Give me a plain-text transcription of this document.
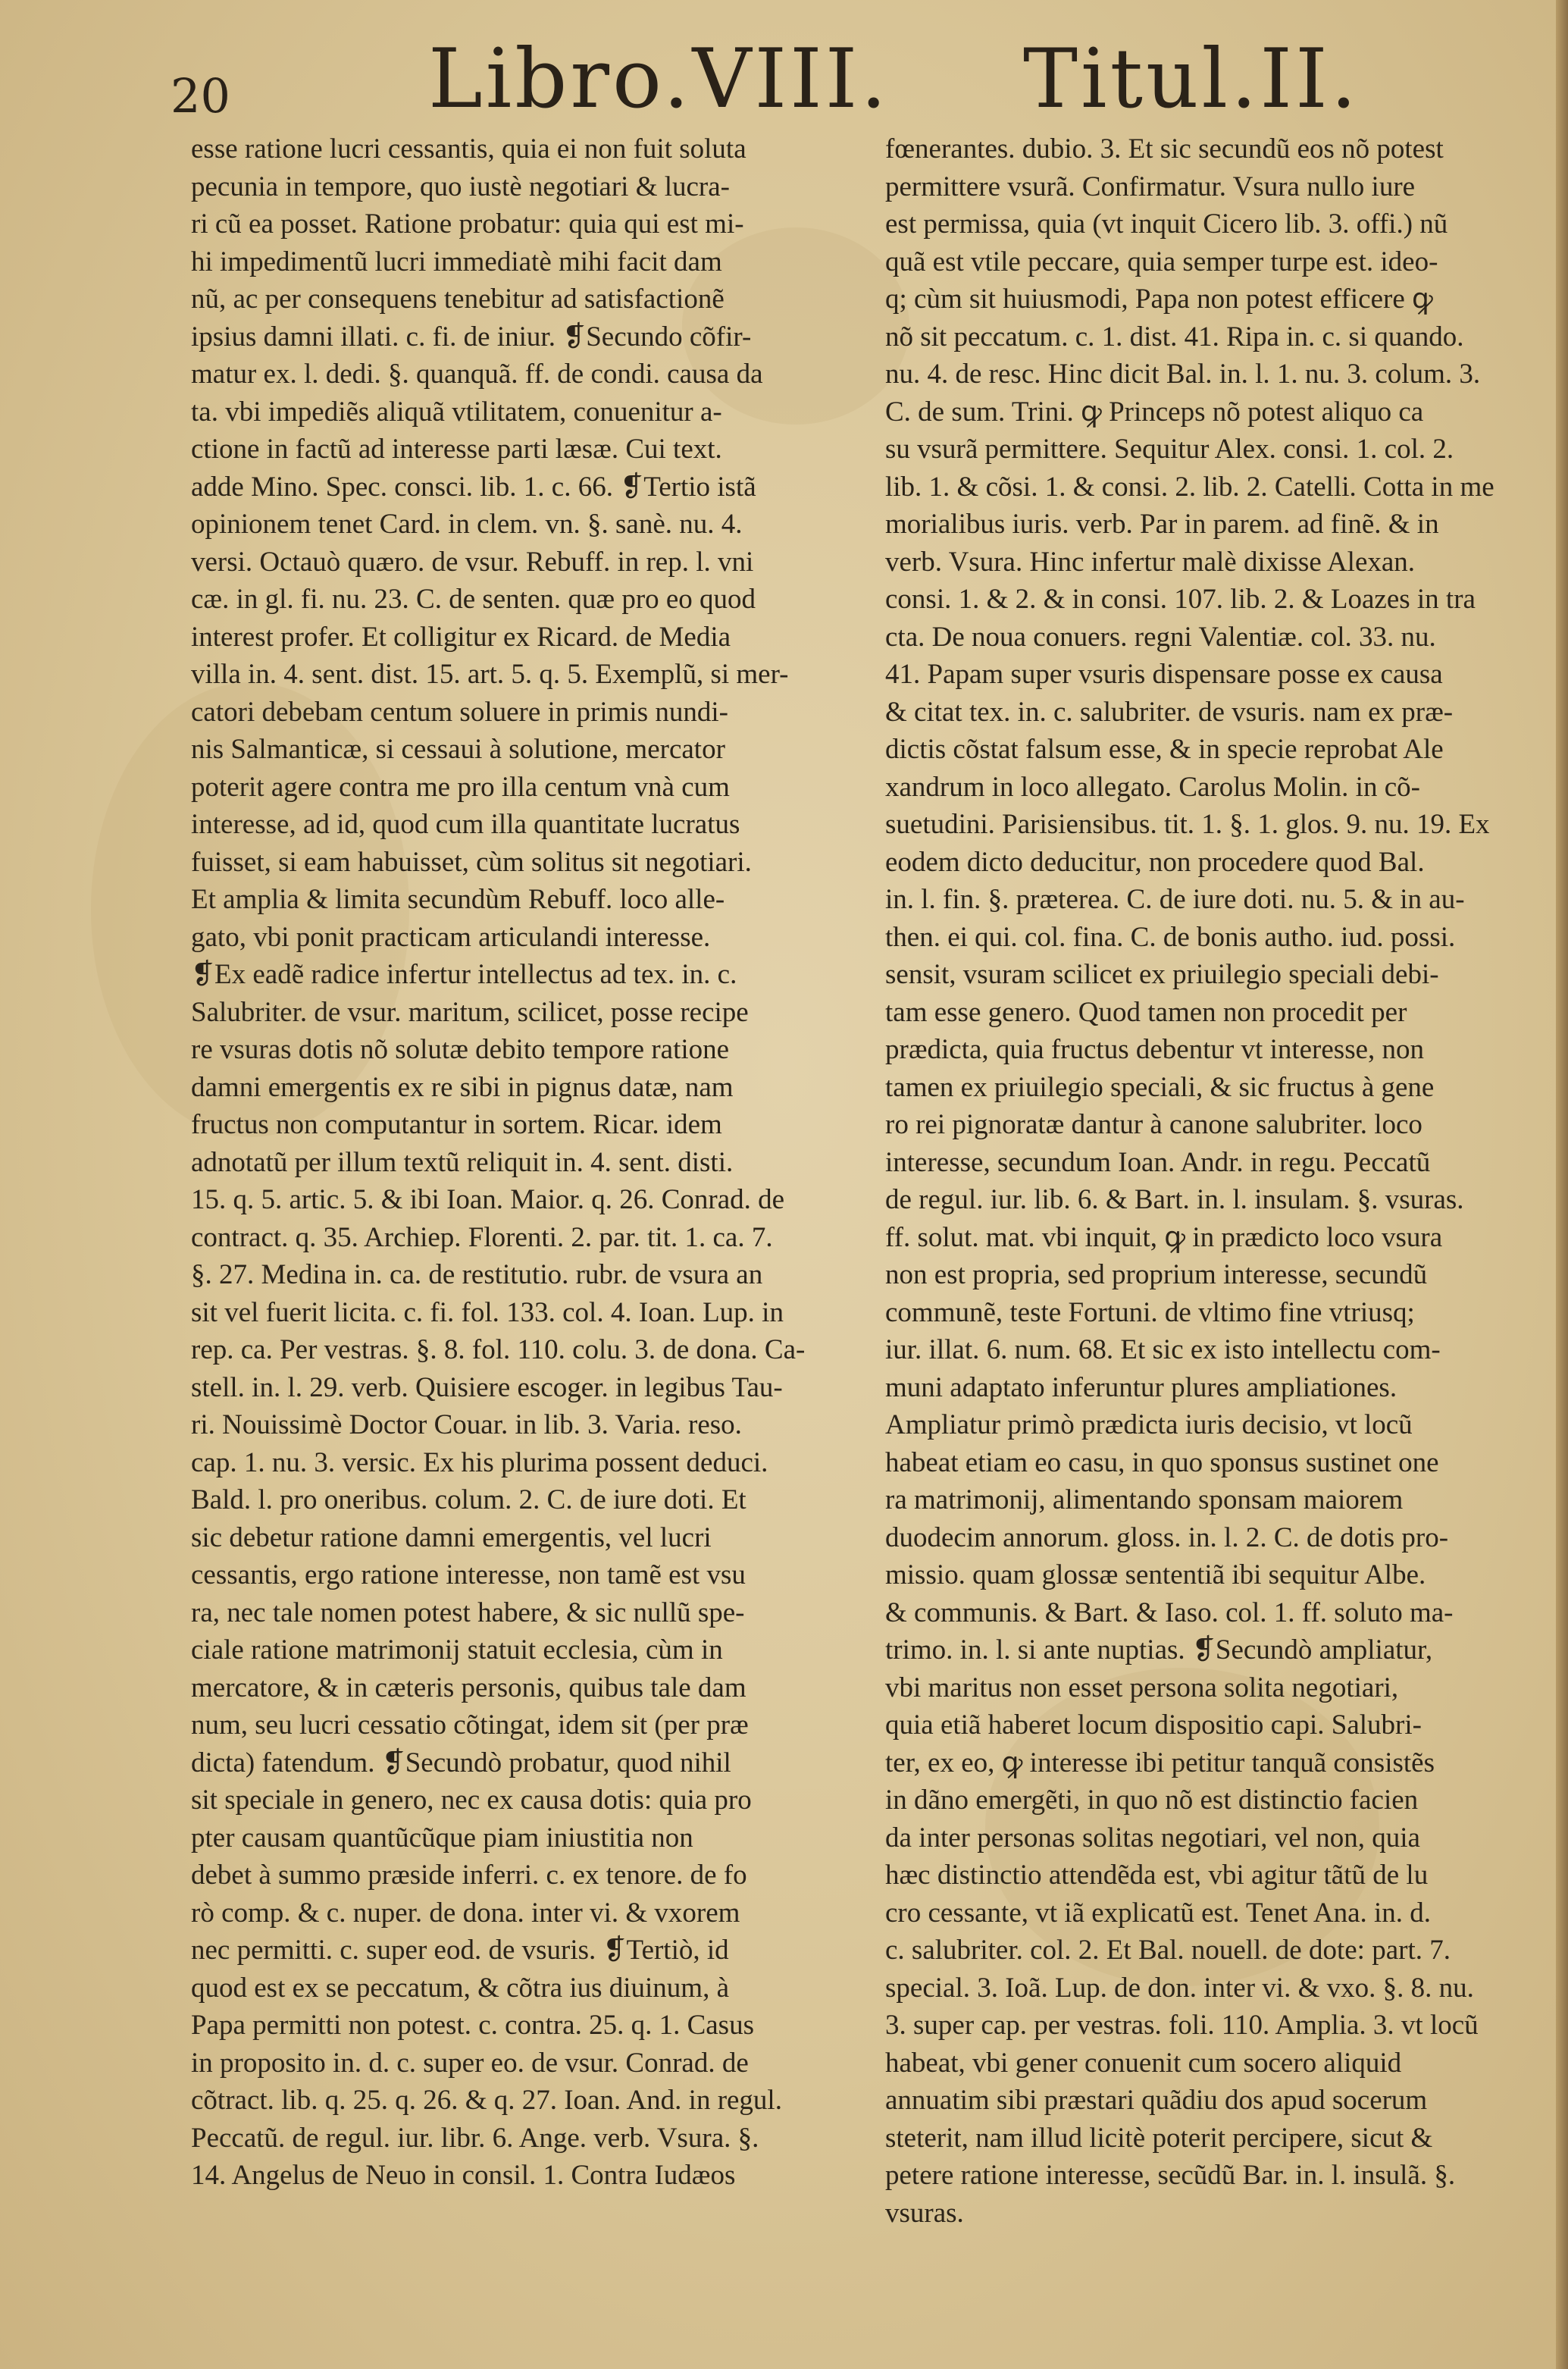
20 Libro.VIII. Titul.II.
esse ratione lucri cessantis, quia ei non fuit soluta
pecunia in tempore, quo iustè negotiari & lucra-
ri cũ ea posset. Ratione probatur: quia qui est mi-
hi impedimentũ lucri immediatè mihi facit dam
nũ, ac per consequens tenebitur ad satisfactionẽ
ipsius damni illati. c. fi. de iniur. ❡Secundo cõfir-
matur ex. l. dedi. §. quanquã. ff. de condi. causa da
ta. vbi impediẽs aliquã vtilitatem, conuenitur a-
ctione in factũ ad interesse parti læsæ. Cui text.
adde Mino. Spec. consci. lib. 1. c. 66. ❡Tertio istã
opinionem tenet Card. in clem. vn. §. sanè. nu. 4.
versi. Octauò quæro. de vsur. Rebuff. in rep. l. vni
cæ. in gl. fi. nu. 23. C. de senten. quæ pro eo quod
interest profer. Et colligitur ex Ricard. de Media
villa in. 4. sent. dist. 15. art. 5. q. 5. Exemplũ, si mer-
catori debebam centum soluere in primis nundi-
nis Salmanticæ, si cessaui à solutione, mercator
poterit agere contra me pro illa centum vnà cum
interesse, ad id, quod cum illa quantitate lucratus
fuisset, si eam habuisset, cùm solitus sit negotiari.
Et amplia & limita secundùm Rebuff. loco alle-
gato, vbi ponit practicam articulandi interesse.
❡Ex eadẽ radice infertur intellectus ad tex. in. c.
Salubriter. de vsur. maritum, scilicet, posse recipe
re vsuras dotis nõ solutæ debito tempore ratione
damni emergentis ex re sibi in pignus datæ, nam
fructus non computantur in sortem. Ricar. idem
adnotatũ per illum textũ reliquit in. 4. sent. disti.
15. q. 5. artic. 5. & ibi Ioan. Maior. q. 26. Conrad. de
contract. q. 35. Archiep. Florenti. 2. par. tit. 1. ca. 7.
§. 27. Medina in. ca. de restitutio. rubr. de vsura an
sit vel fuerit licita. c. fi. fol. 133. col. 4. Ioan. Lup. in
rep. ca. Per vestras. §. 8. fol. 110. colu. 3. de dona. Ca-
stell. in. l. 29. verb. Quisiere escoger. in legibus Tau-
ri. Nouissimè Doctor Couar. in lib. 3. Varia. reso.
cap. 1. nu. 3. versic. Ex his plurima possent deduci.
Bald. l. pro oneribus. colum. 2. C. de iure doti. Et
sic debetur ratione damni emergentis, vel lucri
cessantis, ergo ratione interesse, non tamẽ est vsu
ra, nec tale nomen potest habere, & sic nullũ spe-
ciale ratione matrimonij statuit ecclesia, cùm in
mercatore, & in cæteris personis, quibus tale dam
num, seu lucri cessatio cõtingat, idem sit (per præ
dicta) fatendum. ❡Secundò probatur, quod nihil
sit speciale in genero, nec ex causa dotis: quia pro
pter causam quantũcũque piam iniustitia non
debet à summo præside inferri. c. ex tenore. de fo
rò comp. & c. nuper. de dona. inter vi. & vxorem
nec permitti. c. super eod. de vsuris. ❡Tertiò, id
quod est ex se peccatum, & cõtra ius diuinum, à
Papa permitti non potest. c. contra. 25. q. 1. Casus
in proposito in. d. c. super eo. de vsur. Conrad. de
cõtract. lib. q. 25. q. 26. & q. 27. Ioan. And. in regul.
Peccatũ. de regul. iur. libr. 6. Ange. verb. Vsura. §.
14. Angelus de Neuo in consil. 1. Contra Iudæos
fœnerantes. dubio. 3. Et sic secundũ eos nõ potest
permittere vsurã. Confirmatur. Vsura nullo iure
est permissa, quia (vt inquit Cicero lib. 3. offi.) nũ
quã est vtile peccare, quia semper turpe est. ideo-
q; cùm sit huiusmodi, Papa non potest efficere ꝙ
nõ sit peccatum. c. 1. dist. 41. Ripa in. c. si quando.
nu. 4. de resc. Hinc dicit Bal. in. l. 1. nu. 3. colum. 3.
C. de sum. Trini. ꝙ Princeps nõ potest aliquo ca
su vsurã permittere. Sequitur Alex. consi. 1. col. 2.
lib. 1. & cõsi. 1. & consi. 2. lib. 2. Catelli. Cotta in me
morialibus iuris. verb. Par in parem. ad finẽ. & in
verb. Vsura. Hinc infertur malè dixisse Alexan.
consi. 1. & 2. & in consi. 107. lib. 2. & Loazes in tra
cta. De noua conuers. regni Valentiæ. col. 33. nu.
41. Papam super vsuris dispensare posse ex causa
& citat tex. in. c. salubriter. de vsuris. nam ex præ-
dictis cõstat falsum esse, & in specie reprobat Ale
xandrum in loco allegato. Carolus Molin. in cõ-
suetudini. Parisiensibus. tit. 1. §. 1. glos. 9. nu. 19. Ex
eodem dicto deducitur, non procedere quod Bal.
in. l. fin. §. præterea. C. de iure doti. nu. 5. & in au-
then. ei qui. col. fina. C. de bonis autho. iud. possi.
sensit, vsuram scilicet ex priuilegio speciali debi-
tam esse genero. Quod tamen non procedit per
prædicta, quia fructus debentur vt interesse, non
tamen ex priuilegio speciali, & sic fructus à gene
ro rei pignoratæ dantur à canone salubriter. loco
interesse, secundum Ioan. Andr. in regu. Peccatũ
de regul. iur. lib. 6. & Bart. in. l. insulam. §. vsuras.
ff. solut. mat. vbi inquit, ꝙ in prædicto loco vsura
non est propria, sed proprium interesse, secundũ
communẽ, teste Fortuni. de vltimo fine vtriusq;
iur. illat. 6. num. 68. Et sic ex isto intellectu com-
muni adaptato inferuntur plures ampliationes.
Ampliatur primò prædicta iuris decisio, vt locũ
habeat etiam eo casu, in quo sponsus sustinet one
ra matrimonij, alimentando sponsam maiorem
duodecim annorum. gloss. in. l. 2. C. de dotis pro-
missio. quam glossæ sententiã ibi sequitur Albe.
& communis. & Bart. & Iaso. col. 1. ff. soluto ma-
trimo. in. l. si ante nuptias. ❡Secundò ampliatur,
vbi maritus non esset persona solita negotiari,
quia etiã haberet locum dispositio capi. Salubri-
ter, ex eo, ꝙ interesse ibi petitur tanquã consistẽs
in dãno emergẽti, in quo nõ est distinctio facien
da inter personas solitas negotiari, vel non, quia
hæc distinctio attendẽda est, vbi agitur tãtũ de lu
cro cessante, vt iã explicatũ est. Tenet Ana. in. d.
c. salubriter. col. 2. Et Bal. nouell. de dote: part. 7.
special. 3. Ioã. Lup. de don. inter vi. & vxo. §. 8. nu.
3. super cap. per vestras. foli. 110. Amplia. 3. vt locũ
habeat, vbi gener conuenit cum socero aliquid
annuatim sibi præstari quãdiu dos apud socerum
steterit, nam illud licitè poterit percipere, sicut &
petere ratione interesse, secũdũ Bar. in. l. insulã. §.
vsuras.
